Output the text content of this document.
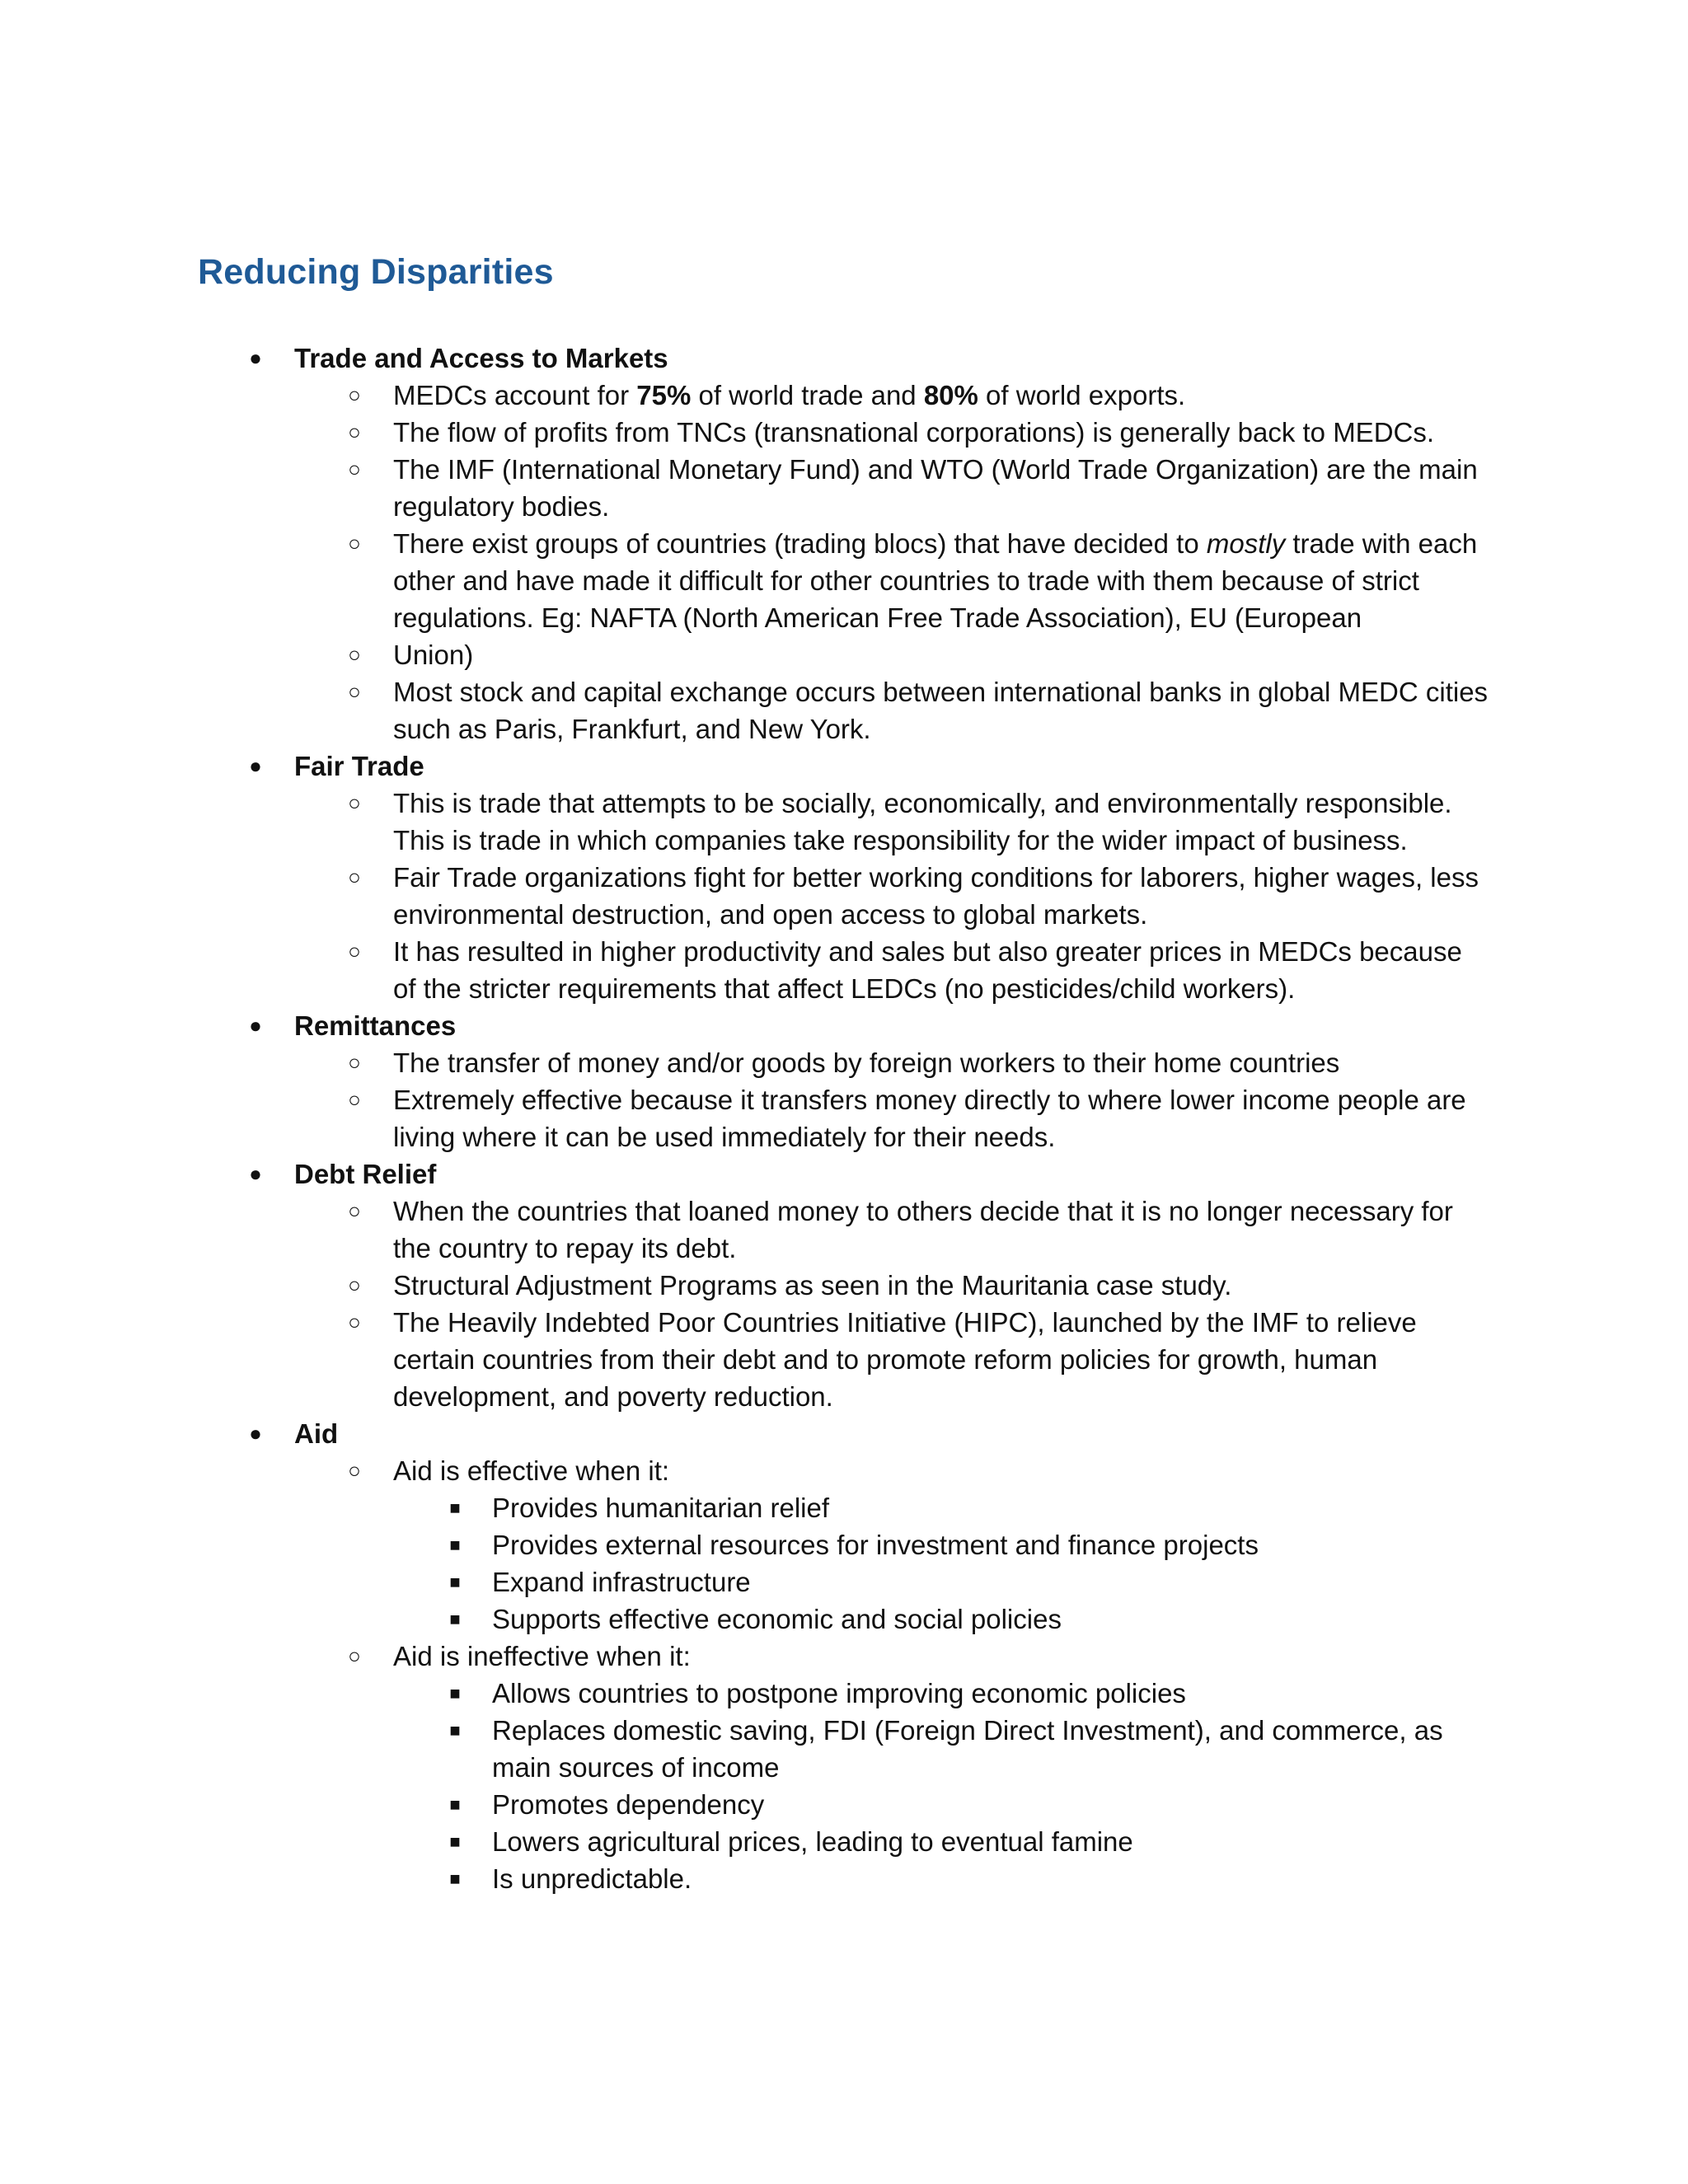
Reducing Disparities
● Trade and Access to Markets
○ MEDCs account for 75% of world trade and 80% of world exports.
○ The flow of profits from TNCs (transnational corporations) is generally back to MEDCs.
○ The IMF (International Monetary Fund) and WTO (World Trade Organization) are the main regulatory bodies.
○ There exist groups of countries (trading blocs) that have decided to mostly trade with each other and have made it difficult for other countries to trade with them because of strict regulations. Eg: NAFTA (North American Free Trade Association), EU (European
○ Union)
○ Most stock and capital exchange occurs between international banks in global MEDC cities such as Paris, Frankfurt, and New York.
● Fair Trade
○ This is trade that attempts to be socially, economically, and environmentally responsible. This is trade in which companies take responsibility for the wider impact of business.
○ Fair Trade organizations fight for better working conditions for laborers, higher wages, less environmental destruction, and open access to global markets.
○ It has resulted in higher productivity and sales but also greater prices in MEDCs because of the stricter requirements that affect LEDCs (no pesticides/child workers).
● Remittances
○ The transfer of money and/or goods by foreign workers to their home countries
○ Extremely effective because it transfers money directly to where lower income people are living where it can be used immediately for their needs.
● Debt Relief
○ When the countries that loaned money to others decide that it is no longer necessary for the country to repay its debt.
○ Structural Adjustment Programs as seen in the Mauritania case study.
○ The Heavily Indebted Poor Countries Initiative (HIPC), launched by the IMF to relieve certain countries from their debt and to promote reform policies for growth, human development, and poverty reduction.
● Aid
○ Aid is effective when it:
■ Provides humanitarian relief
■ Provides external resources for investment and finance projects
■ Expand infrastructure
■ Supports effective economic and social policies
○ Aid is ineffective when it:
■ Allows countries to postpone improving economic policies
■ Replaces domestic saving, FDI (Foreign Direct Investment), and commerce, as main sources of income
■ Promotes dependency
■ Lowers agricultural prices, leading to eventual famine
■ Is unpredictable.
